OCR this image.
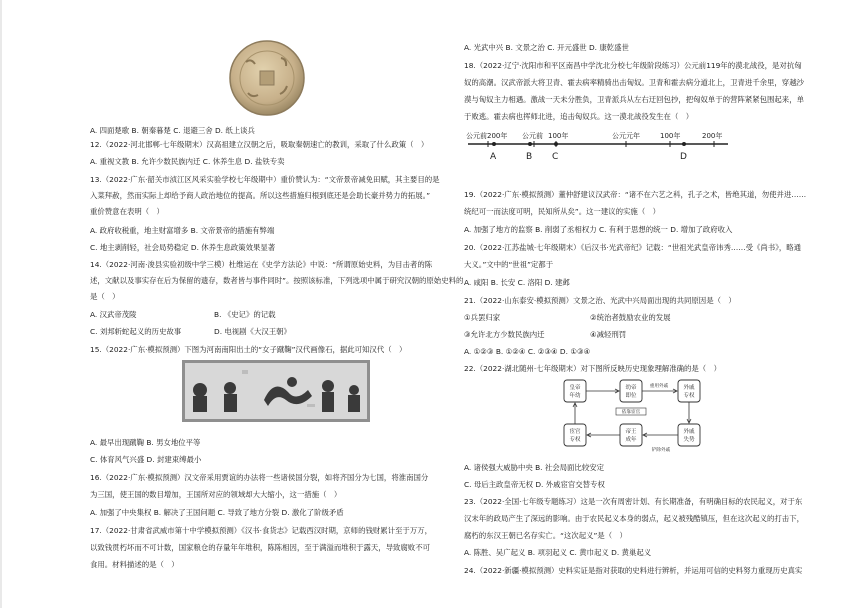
A. 四面楚歌 B. 朝秦暮楚 C. 退避三舍 D. 纸上谈兵
12.（2022·河北邯郸·七年级期末）汉高祖建立汉朝之后，吸取秦朝速亡的教训，采取了什么政策（　）
A. 重视文教 B. 允许少数民族内迁 C. 休养生息 D. 盐铁专卖
13.（2022·广东·韶关市浈江区风采实验学校七年级期中）重价赞认为：“文帝景帝减免田赋，其主要目的是
入菜拜赦，然而实际上却给予商人政治地位的提高。所以这些措施归根到底还是会助长豪并势力的拓展。”
重价赞意在表明（　）
A. 政府收税重，地主财富增多 B. 文帝景帝的措施有弊端
C. 地主剥削轻，社会局势稳定 D. 休养生息政策效果显著
14.（2022·河南·浚县实验初级中学三模）杜维运在《史学方法论》中说：“所谓原始史料，为目击者的陈
述，文献以及事实存在后为保留的遗存，数者皆与事件同时”。按照该标准，下列选项中属于研究汉朝的原始史料的
是（　）
A. 汉武帝茂陵	B. 《史记》的记载
C. 刘邦斩蛇起义的历史故事	D. 电视剧《大汉王朝》
15.（2022·广东·模拟预测）下图为河南南阳出土的“女子蹴鞠”汉代画像石，据此可知汉代（　）
A. 最早出现蹴鞠 B. 男女地位平等
C. 体育风气兴盛 D. 封建束缚最小
16.（2022·广东·模拟预测）汉文帝采用贾谊的办法将一些诸侯国分裂，如将齐国分为七国，将淮南国分
为三国，使王国的数目增加，王国所对应的领域却大大缩小，这一措施（　）
A. 加强了中央集权 B. 解决了王国问题 C. 导致了地方分裂 D. 激化了阶级矛盾
17.（2022·甘肃省武威市第十中学模拟预测）《汉书·食货志》记载西汉时期，京师的钱财累计至于万万，
以致钱贯朽坏而不可计数，国家粮仓的存量年年堆积，陈陈相因，至于满溢而堆积于露天，导致腐败不可
食用。材料描述的是（　）
A. 光武中兴 B. 文景之治 C. 开元盛世 D. 康乾盛世
18.（2022·辽宁·沈阳市和平区南昌中学沈北分校七年级阶段练习）公元前119年的漠北战役，是对抗匈
奴的高潮。汉武帝派大将卫青、霍去病率精骑出击匈奴。卫青和霍去病分道北上，卫青进千余里，穿越沙
漠与匈奴主力相遇。激战一天未分胜负，卫青派兵从左右迂回包抄，把匈奴单于的营阵紧紧包围起来，单
于败逃。霍去病也挥师北进，追击匈奴兵。这一漠北战役发生在（　）
公元前200年 公元前 100年	公元元年	100年	200年
A	B C	D
19.（2022·广东·模拟预测）董仲舒建议汉武帝：“诸不在六艺之科，孔子之术，皆绝其道，勿使并进……
统纪可一而法度可明，民知所从矣”。这一建议的实施（　）
A. 加强了地方的监察 B. 削弱了丞相权力 C. 有利于思想的统一 D. 增加了政府收入
20.（2022·江苏盐城·七年级期末）《后汉书·光武帝纪》记载：“世祖光武皇帝讳秀……受《尚书》，略通
大义。”文中的“世祖”定都于
A. 咸阳 B. 长安 C. 洛阳 D. 建邺
21.（2022·山东泰安·模拟预测）文景之治、光武中兴局面出现的共同原因是（　）
①兵罢归家	②统治者鼓励农业的发展
③允许北方少数民族内迁	④减轻刑罚
A. ①②③ B. ①②④ C. ②③④ D. ①③④
22.（2022·湖北随州·七年级期末）对下图所反映历史现象理解准确的是（　）
皇帝
年幼
幼帝
即位
外戚
专权
宦官
专权
帝王
成年
外戚
失势
重用外戚
依靠宦官
铲除外戚
A. 诸侯强大威胁中央 B. 社会局面比较安定
C. 母后主政皇帝无权 D. 外戚宦官交替专权
23.（2022·全国·七年级专题练习）这是一次有周密计划、有长期准备，有明确目标的农民起义，对于东
汉末年的政局产生了深远的影响。由于农民起义本身的弱点，起义被残酷镇压，但在这次起义的打击下，
腐朽的东汉王朝已名存实亡。“这次起义”是（　）
A. 陈胜、吴广起义 B. 项羽起义 C. 黄巾起义 D. 黄巢起义
24.（2022·新疆·模拟预测）史料实证是指对获取的史料进行辨析，并运用可信的史料努力重现历史真实
